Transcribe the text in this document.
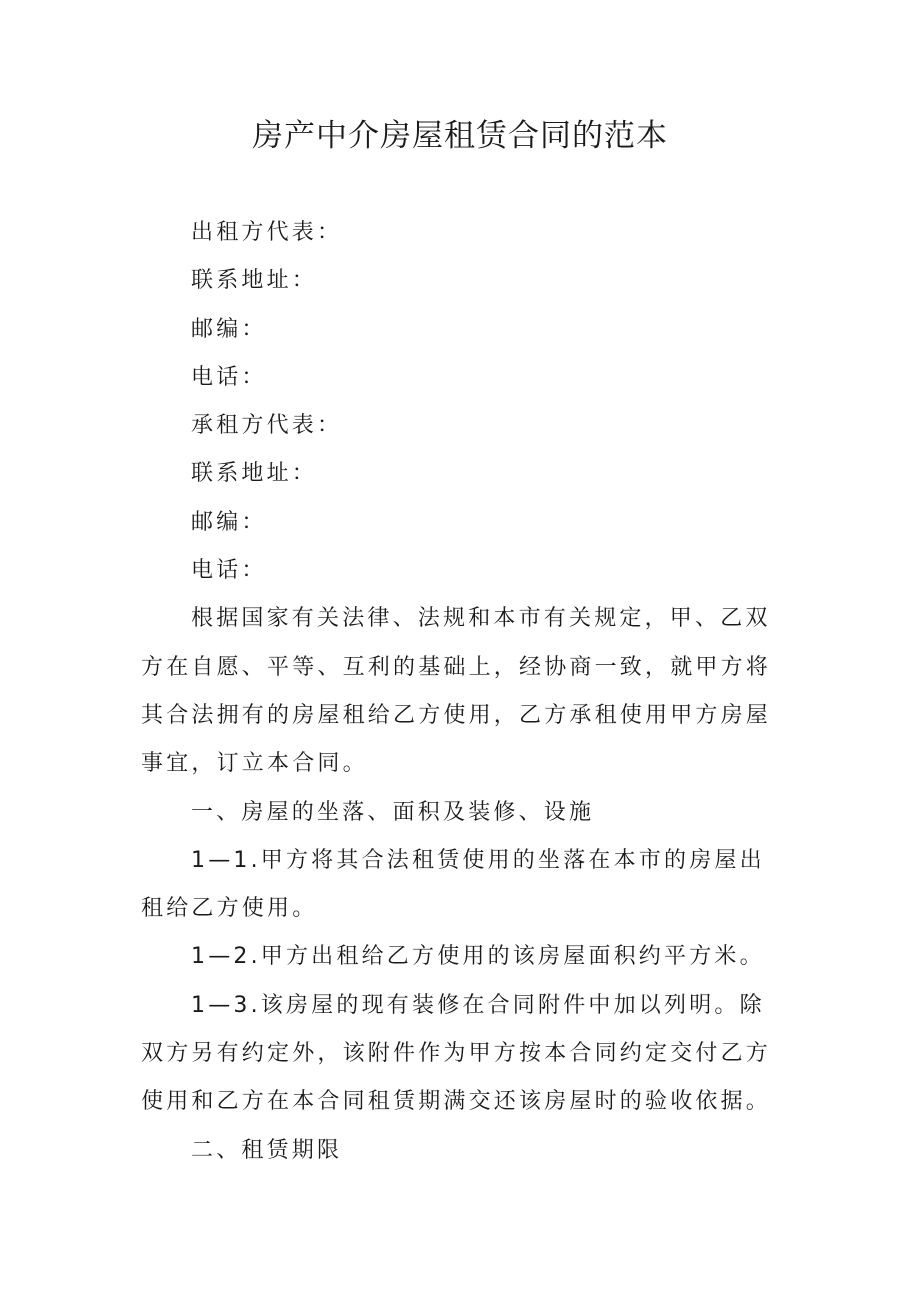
房产中介房屋租赁合同的范本

出租方代表：

联系地址：

邮编：

电话：

承租方代表：

联系地址：

邮编：

电话：

根据国家有关法律、法规和本市有关规定，甲、乙双方在自愿、平等、互利的基础上，经协商一致，就甲方将其合法拥有的房屋租给乙方使用，乙方承租使用甲方房屋事宜，订立本合同。

一、房屋的坐落、面积及装修、设施

1—1.甲方将其合法租赁使用的坐落在本市的房屋出租给乙方使用。

1—2.甲方出租给乙方使用的该房屋面积约平方米。

1—3.该房屋的现有装修在合同附件中加以列明。除双方另有约定外，该附件作为甲方按本合同约定交付乙方使用和乙方在本合同租赁期满交还该房屋时的验收依据。

二、租赁期限
